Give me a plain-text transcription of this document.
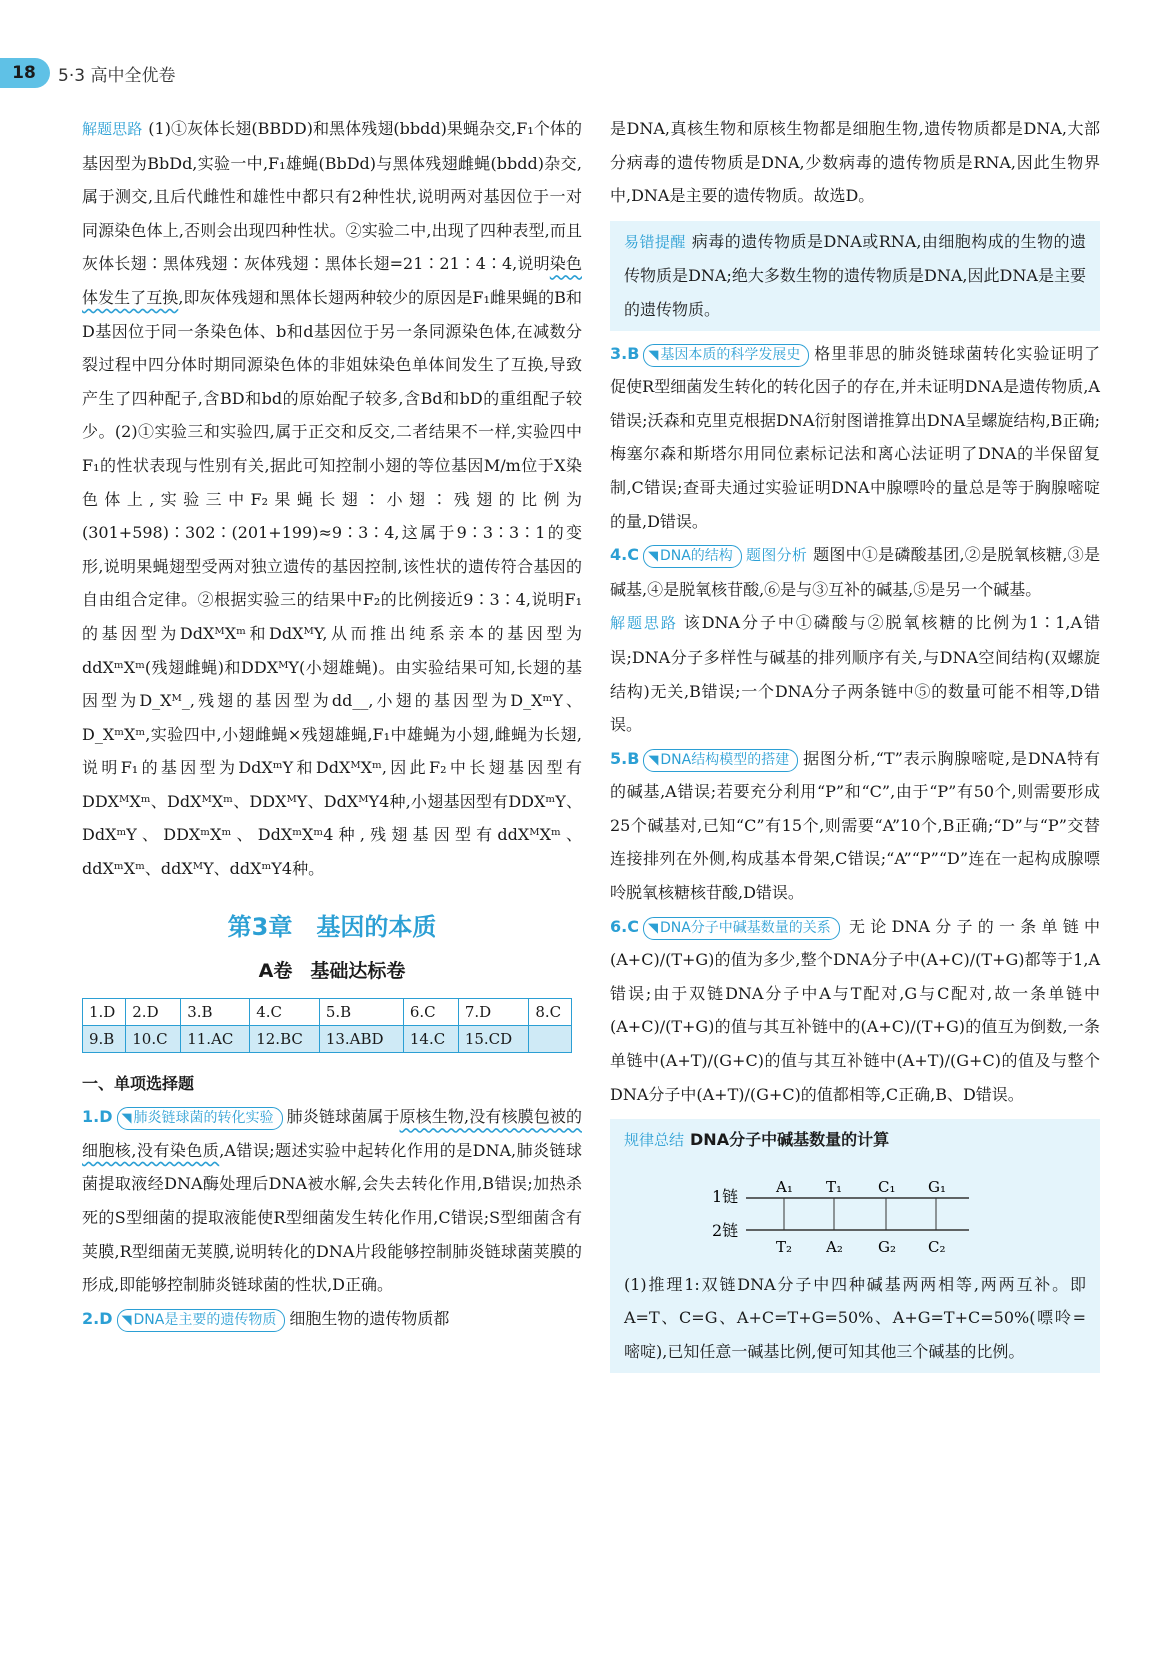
18	5·3 高中全优卷

解题思路 (1)①灰体长翅(BBDD)和黑体残翅(bbdd)果蝇杂交,F₁个体的基因型为BbDd,实验一中,F₁雄蝇(BbDd)与黑体残翅雌蝇(bbdd)杂交,属于测交,且后代雌性和雄性中都只有2种性状,说明两对基因位于一对同源染色体上,否则会出现四种性状。②实验二中,出现了四种表型,而且灰体长翅∶黑体残翅∶灰体残翅∶黑体长翅=21∶21∶4∶4,说明染色体发生了互换,即灰体残翅和黑体长翅两种较少的原因是F₁雌果蝇的B和D基因位于同一条染色体、b和d基因位于另一条同源染色体,在减数分裂过程中四分体时期同源染色体的非姐妹染色单体间发生了互换,导致产生了四种配子,含BD和bd的原始配子较多,含Bd和bD的重组配子较少。(2)①实验三和实验四,属于正交和反交,二者结果不一样,实验四中F₁的性状表现与性别有关,据此可知控制小翅的等位基因M/m位于X染色体上,实验三中F₂果蝇长翅∶小翅∶残翅的比例为(301+598)∶302∶(201+199)≈9∶3∶4,这属于9∶3∶3∶1的变形,说明果蝇翅型受两对独立遗传的基因控制,该性状的遗传符合基因的自由组合定律。②根据实验三的结果中F₂的比例接近9∶3∶4,说明F₁的基因型为DdXᴹXᵐ和DdXᴹY,从而推出纯系亲本的基因型为ddXᵐXᵐ(残翅雌蝇)和DDXᴹY(小翅雄蝇)。由实验结果可知,长翅的基因型为D_Xᴹ_,残翅的基因型为dd__,小翅的基因型为D_XᵐY、D_XᵐXᵐ,实验四中,小翅雌蝇×残翅雄蝇,F₁中雄蝇为小翅,雌蝇为长翅,说明F₁的基因型为DdXᵐY和DdXᴹXᵐ,因此F₂中长翅基因型有DDXᴹXᵐ、DdXᴹXᵐ、DDXᴹY、DdXᴹY4种,小翅基因型有DDXᵐY、DdXᵐY、DDXᵐXᵐ、DdXᵐXᵐ4种,残翅基因型有ddXᴹXᵐ、ddXᵐXᵐ、ddXᴹY、ddXᵐY4种。

第3章 基因的本质
A卷 基础达标卷
1.D	2.D	3.B	4.C	5.B	6.C	7.D	8.C
9.B	10.C	11.AC	12.BC	13.ABD	14.C	15.CD	
一、单项选择题

1.D ◥ 肺炎链球菌的转化实验 肺炎链球菌属于原核生物,没有核膜包被的细胞核,没有染色质,A错误;题述实验中起转化作用的是DNA,肺炎链球菌提取液经DNA酶处理后DNA被水解,会失去转化作用,B错误;加热杀死的S型细菌的提取液能使R型细菌发生转化作用,C错误;S型细菌含有荚膜,R型细菌无荚膜,说明转化的DNA片段能够控制肺炎链球菌荚膜的形成,即能够控制肺炎链球菌的性状,D正确。

2.D ◥ DNA是主要的遗传物质 细胞生物的遗传物质都

是DNA,真核生物和原核生物都是细胞生物,遗传物质都是DNA,大部分病毒的遗传物质是DNA,少数病毒的遗传物质是RNA,因此生物界中,DNA是主要的遗传物质。故选D。

易错提醒 病毒的遗传物质是DNA或RNA,由细胞构成的生物的遗传物质是DNA;绝大多数生物的遗传物质是DNA,因此DNA是主要的遗传物质。

3.B ◥ 基因本质的科学发展史 格里菲思的肺炎链球菌转化实验证明了促使R型细菌发生转化的转化因子的存在,并未证明DNA是遗传物质,A错误;沃森和克里克根据DNA衍射图谱推算出DNA呈螺旋结构,B正确;梅塞尔森和斯塔尔用同位素标记法和离心法证明了DNA的半保留复制,C错误;查哥夫通过实验证明DNA中腺嘌呤的量总是等于胸腺嘧啶的量,D错误。

4.C ◥ DNA的结构 题图分析 题图中①是磷酸基团,②是脱氧核糖,③是碱基,④是脱氧核苷酸,⑥是与③互补的碱基,⑤是另一个碱基。

解题思路 该DNA分子中①磷酸与②脱氧核糖的比例为1∶1,A错误;DNA分子多样性与碱基的排列顺序有关,与DNA空间结构(双螺旋结构)无关,B错误;一个DNA分子两条链中⑤的数量可能不相等,D错误。

5.B ◥ DNA结构模型的搭建 据图分析,“T”表示胸腺嘧啶,是DNA特有的碱基,A错误;若要充分利用“P”和“C”,由于“P”有50个,则需要形成25个碱基对,已知“C”有15个,则需要“A”10个,B正确;“D”与“P”交替连接排列在外侧,构成基本骨架,C错误;“A”“P”“D”连在一起构成腺嘌呤脱氧核糖核苷酸,D错误。

6.C ◥ DNA分子中碱基数量的关系 无论DNA分子的一条单链中(A+C)/(T+G)的值为多少,整个DNA分子中(A+C)/(T+G)都等于1,A错误;由于双链DNA分子中A与T配对,G与C配对,故一条单链中(A+C)/(T+G)的值与其互补链中的(A+C)/(T+G)的值互为倒数,一条单链中(A+T)/(G+C)的值与其互补链中(A+T)/(G+C)的值及与整个DNA分子中(A+T)/(G+C)的值都相等,C正确,B、D错误。

规律总结 DNA分子中碱基数量的计算
1链
2链
A₁ T₁ C₁ G₁
T₂ A₂ G₂ C₂

(1)推理1:双链DNA分子中四种碱基两两相等,两两互补。即A=T、C=G、A+C=T+G=50%、A+G=T+C=50%(嘌呤=嘧啶),已知任意一碱基比例,便可知其他三个碱基的比例。
